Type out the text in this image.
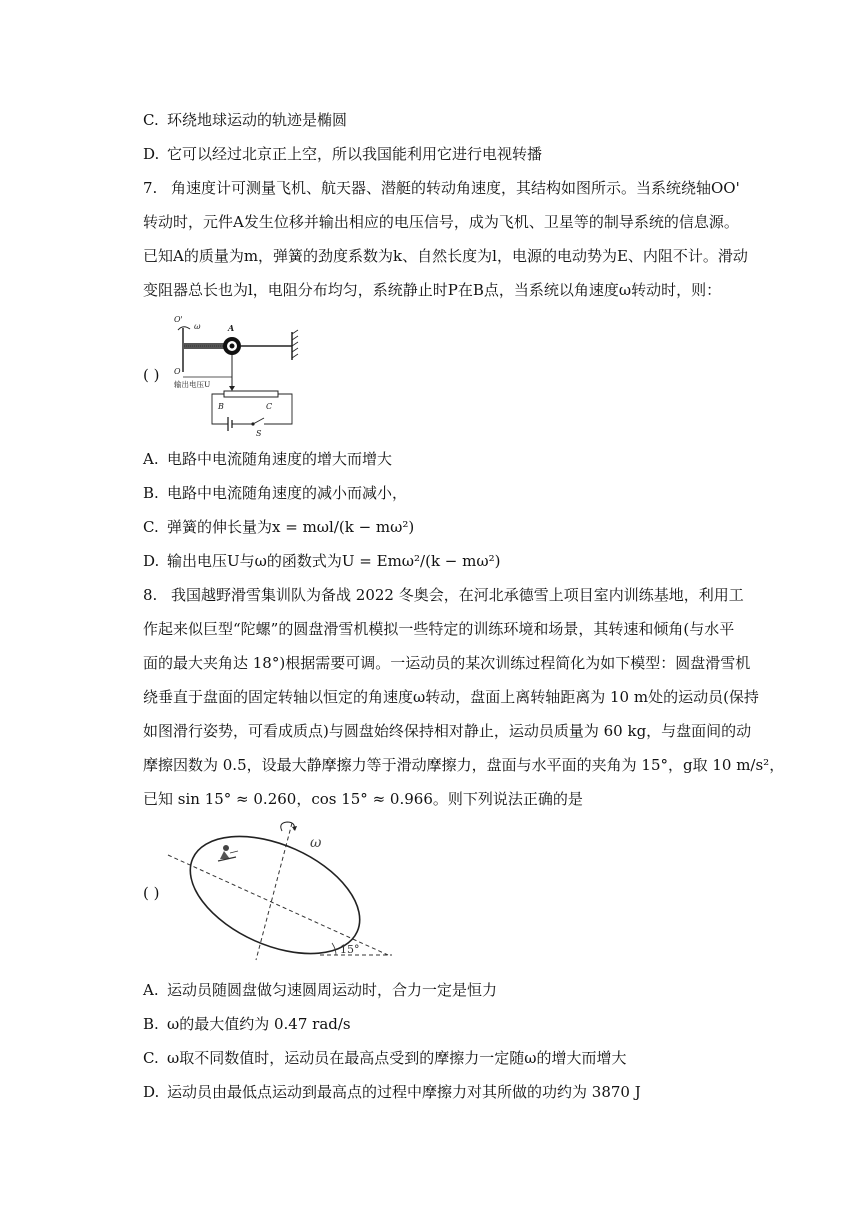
C. 环绕地球运动的轨迹是椭圆
D. 它可以经过北京正上空，所以我国能利用它进行电视转播
7. 角速度计可测量飞机、航天器、潜艇的转动角速度，其结构如图所示。当系统绕轴OO'
转动时，元件A发生位移并输出相应的电压信号，成为飞机、卫星等的制导系统的信息源。
已知A的质量为m，弹簧的劲度系数为k、自然长度为l，电源的电动势为E、内阻不计。滑动
变阻器总长也为l，电阻分布均匀，系统静止时P在B点，当系统以角速度ω转动时，则：
( )
O'
ω
O
A
输出电压U
B	C
S
A. 电路中电流随角速度的增大而增大
B. 电路中电流随角速度的减小而减小，
C. 弹簧的伸长量为x = mωl/(k − mω²)
D. 输出电压U与ω的函数式为U = Emω²/(k − mω²)
8. 我国越野滑雪集训队为备战 2022 冬奥会，在河北承德雪上项目室内训练基地，利用工
作起来似巨型“陀螺”的圆盘滑雪机模拟一些特定的训练环境和场景，其转速和倾角(与水平
面的最大夹角达 18°)根据需要可调。一运动员的某次训练过程简化为如下模型：圆盘滑雪机
绕垂直于盘面的固定转轴以恒定的角速度ω转动，盘面上离转轴距离为 10 m处的运动员(保持
如图滑行姿势，可看成质点)与圆盘始终保持相对静止，运动员质量为 60 kg，与盘面间的动
摩擦因数为 0.5，设最大静摩擦力等于滑动摩擦力，盘面与水平面的夹角为 15°，g取 10 m/s²，
已知 sin 15° ≈ 0.260，cos 15° ≈ 0.966。则下列说法正确的是
( )
ω
15°
A. 运动员随圆盘做匀速圆周运动时，合力一定是恒力
B. ω的最大值约为 0.47 rad/s
C. ω取不同数值时，运动员在最高点受到的摩擦力一定随ω的增大而增大
D. 运动员由最低点运动到最高点的过程中摩擦力对其所做的功约为 3870 J
